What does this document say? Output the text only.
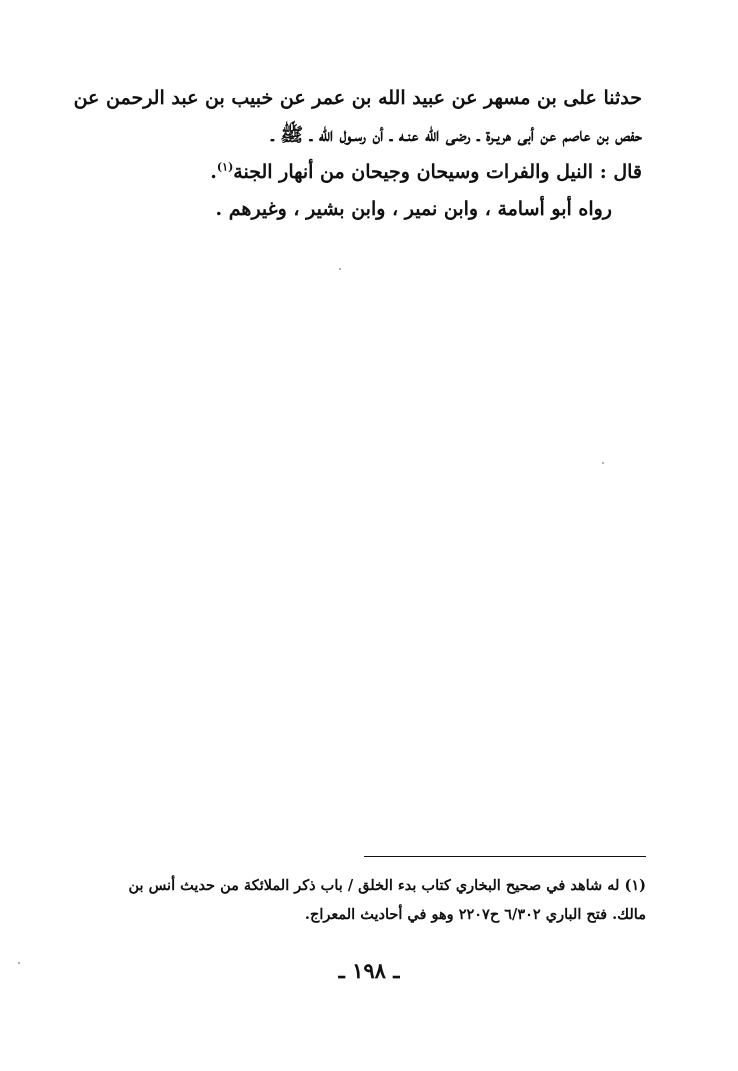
حدثنا على بن مسهر عن عبيد الله بن عمر عن خبيب بن عبد الرحمن عن

حفص بن عاصم عن أبى هريـرة ـ رضى الله عنـه ـ أن رسـول الله ـ ﷺ ـ

قال : النيل والفرات وسيحان وجيحان من أنهار الجنة$^{(١)}$.

رواه أبو أسامة ، وابن نمير ، وابن بشير ، وغيرهم .

(١) له شاهد في صحيح البخاري كتاب بدء الخلق / باب ذكر الملائكة من حديث أنس بن

مالك. فتح الباري ٦/٣٠٢ ح٢٢٠٧ وهو في أحاديث المعراج.

ـ ١٩٨ ـ
